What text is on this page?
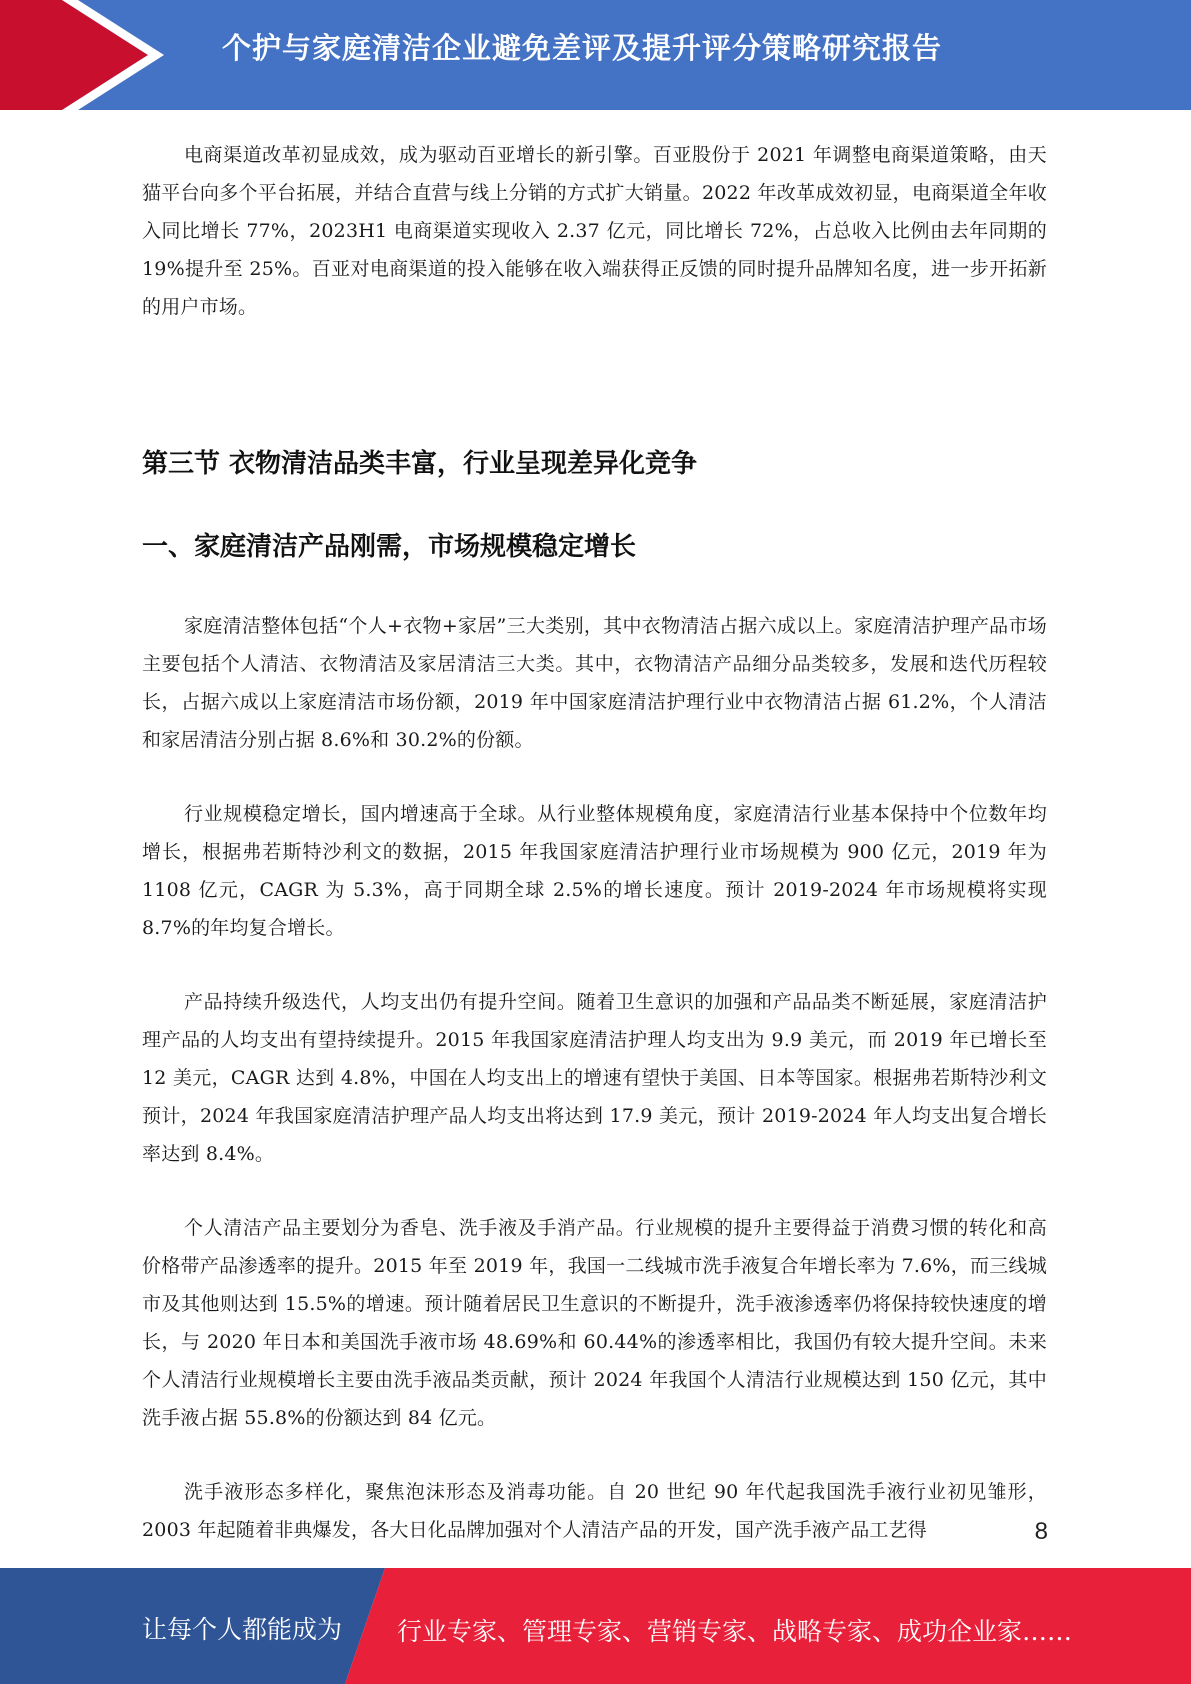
个护与家庭清洁企业避免差评及提升评分策略研究报告

电商渠道改革初显成效，成为驱动百亚增长的新引擎。百亚股份于 2021 年调整电商渠道策略，由天猫平台向多个平台拓展，并结合直营与线上分销的方式扩大销量。2022 年改革成效初显，电商渠道全年收入同比增长 77%，2023H1 电商渠道实现收入 2.37 亿元，同比增长 72%，占总收入比例由去年同期的 19%提升至 25%。百亚对电商渠道的投入能够在收入端获得正反馈的同时提升品牌知名度，进一步开拓新的用户市场。

第三节 衣物清洁品类丰富，行业呈现差异化竞争
一、家庭清洁产品刚需，市场规模稳定增长

家庭清洁整体包括“个人+衣物+家居”三大类别，其中衣物清洁占据六成以上。家庭清洁护理产品市场主要包括个人清洁、衣物清洁及家居清洁三大类。其中，衣物清洁产品细分品类较多，发展和迭代历程较长，占据六成以上家庭清洁市场份额，2019 年中国家庭清洁护理行业中衣物清洁占据 61.2%，个人清洁和家居清洁分别占据 8.6%和 30.2%的份额。

行业规模稳定增长，国内增速高于全球。从行业整体规模角度，家庭清洁行业基本保持中个位数年均增长，根据弗若斯特沙利文的数据，2015 年我国家庭清洁护理行业市场规模为 900 亿元，2019 年为 1108 亿元，CAGR 为 5.3%，高于同期全球 2.5%的增长速度。预计 2019-2024 年市场规模将实现 8.7%的年均复合增长。

产品持续升级迭代，人均支出仍有提升空间。随着卫生意识的加强和产品品类不断延展，家庭清洁护理产品的人均支出有望持续提升。2015 年我国家庭清洁护理人均支出为 9.9 美元，而 2019 年已增长至 12 美元，CAGR 达到 4.8%，中国在人均支出上的增速有望快于美国、日本等国家。根据弗若斯特沙利文预计，2024 年我国家庭清洁护理产品人均支出将达到 17.9 美元，预计 2019-2024 年人均支出复合增长率达到 8.4%。

个人清洁产品主要划分为香皂、洗手液及手消产品。行业规模的提升主要得益于消费习惯的转化和高价格带产品渗透率的提升。2015 年至 2019 年，我国一二线城市洗手液复合年增长率为 7.6%，而三线城市及其他则达到 15.5%的增速。预计随着居民卫生意识的不断提升，洗手液渗透率仍将保持较快速度的增长，与 2020 年日本和美国洗手液市场 48.69%和 60.44%的渗透率相比，我国仍有较大提升空间。未来个人清洁行业规模增长主要由洗手液品类贡献，预计 2024 年我国个人清洁行业规模达到 150 亿元，其中洗手液占据 55.8%的份额达到 84 亿元。

洗手液形态多样化，聚焦泡沫形态及消毒功能。自 20 世纪 90 年代起我国洗手液行业初见雏形，2003 年起随着非典爆发，各大日化品牌加强对个人清洁产品的开发，国产洗手液产品工艺得	8
让每个人都能成为 行业专家、管理专家、营销专家、战略专家、成功企业家……
